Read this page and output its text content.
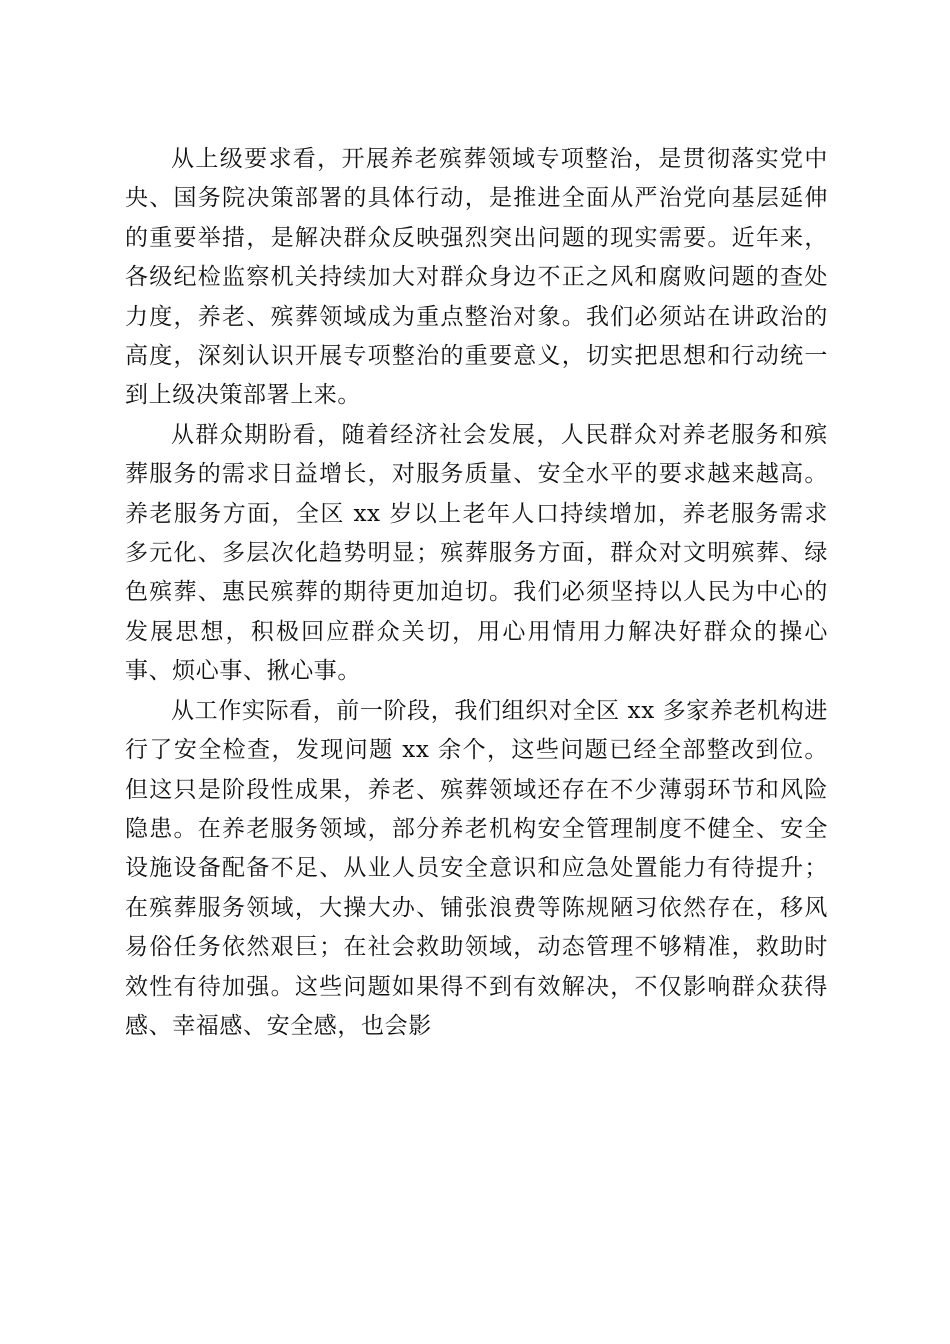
从上级要求看，开展养老殡葬领域专项整治，是贯彻落实党中央、国务院决策部署的具体行动，是推进全面从严治党向基层延伸的重要举措，是解决群众反映强烈突出问题的现实需要。近年来，各级纪检监察机关持续加大对群众身边不正之风和腐败问题的查处力度，养老、殡葬领域成为重点整治对象。我们必须站在讲政治的高度，深刻认识开展专项整治的重要意义，切实把思想和行动统一到上级决策部署上来。

从群众期盼看，随着经济社会发展，人民群众对养老服务和殡葬服务的需求日益增长，对服务质量、安全水平的要求越来越高。养老服务方面，全区 xx 岁以上老年人口持续增加，养老服务需求多元化、多层次化趋势明显；殡葬服务方面，群众对文明殡葬、绿色殡葬、惠民殡葬的期待更加迫切。我们必须坚持以人民为中心的发展思想，积极回应群众关切，用心用情用力解决好群众的操心事、烦心事、揪心事。

从工作实际看，前一阶段，我们组织对全区 xx 多家养老机构进行了安全检查，发现问题 xx 余个，这些问题已经全部整改到位。但这只是阶段性成果，养老、殡葬领域还存在不少薄弱环节和风险隐患。在养老服务领域，部分养老机构安全管理制度不健全、安全设施设备配备不足、从业人员安全意识和应急处置能力有待提升；在殡葬服务领域，大操大办、铺张浪费等陈规陋习依然存在，移风易俗任务依然艰巨；在社会救助领域，动态管理不够精准，救助时效性有待加强。这些问题如果得不到有效解决，不仅影响群众获得感、幸福感、安全感，也会影
